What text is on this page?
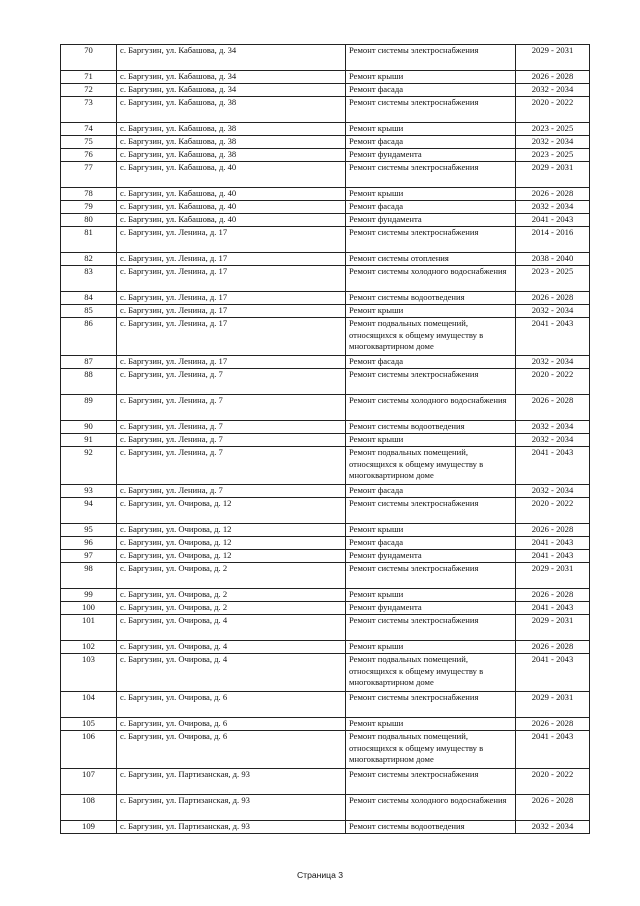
70	с. Баргузин, ул. Кабашова, д. 34	Ремонт системы электроснабжения	2029 - 2031
71	с. Баргузин, ул. Кабашова, д. 34	Ремонт крыши	2026 - 2028
72	с. Баргузин, ул. Кабашова, д. 34	Ремонт фасада	2032 - 2034
73	с. Баргузин, ул. Кабашова, д. 38	Ремонт системы электроснабжения	2020 - 2022
74	с. Баргузин, ул. Кабашова, д. 38	Ремонт крыши	2023 - 2025
75	с. Баргузин, ул. Кабашова, д. 38	Ремонт фасада	2032 - 2034
76	с. Баргузин, ул. Кабашова, д. 38	Ремонт фундамента	2023 - 2025
77	с. Баргузин, ул. Кабашова, д. 40	Ремонт системы электроснабжения	2029 - 2031
78	с. Баргузин, ул. Кабашова, д. 40	Ремонт крыши	2026 - 2028
79	с. Баргузин, ул. Кабашова, д. 40	Ремонт фасада	2032 - 2034
80	с. Баргузин, ул. Кабашова, д. 40	Ремонт фундамента	2041 - 2043
81	с. Баргузин, ул. Ленина, д. 17	Ремонт системы электроснабжения	2014 - 2016
82	с. Баргузин, ул. Ленина, д. 17	Ремонт системы отопления	2038 - 2040
83	с. Баргузин, ул. Ленина, д. 17	Ремонт системы холодного водоснабжения	2023 - 2025
84	с. Баргузин, ул. Ленина, д. 17	Ремонт системы водоотведения	2026 - 2028
85	с. Баргузин, ул. Ленина, д. 17	Ремонт крыши	2032 - 2034
86	с. Баргузин, ул. Ленина, д. 17	Ремонт подвальных помещений, относящихся к общему имуществу в многоквартирном доме	2041 - 2043
87	с. Баргузин, ул. Ленина, д. 17	Ремонт фасада	2032 - 2034
88	с. Баргузин, ул. Ленина, д. 7	Ремонт системы электроснабжения	2020 - 2022
89	с. Баргузин, ул. Ленина, д. 7	Ремонт системы холодного водоснабжения	2026 - 2028
90	с. Баргузин, ул. Ленина, д. 7	Ремонт системы водоотведения	2032 - 2034
91	с. Баргузин, ул. Ленина, д. 7	Ремонт крыши	2032 - 2034
92	с. Баргузин, ул. Ленина, д. 7	Ремонт подвальных помещений, относящихся к общему имуществу в многоквартирном доме	2041 - 2043
93	с. Баргузин, ул. Ленина, д. 7	Ремонт фасада	2032 - 2034
94	с. Баргузин, ул. Очирова, д. 12	Ремонт системы электроснабжения	2020 - 2022
95	с. Баргузин, ул. Очирова, д. 12	Ремонт крыши	2026 - 2028
96	с. Баргузин, ул. Очирова, д. 12	Ремонт фасада	2041 - 2043
97	с. Баргузин, ул. Очирова, д. 12	Ремонт фундамента	2041 - 2043
98	с. Баргузин, ул. Очирова, д. 2	Ремонт системы электроснабжения	2029 - 2031
99	с. Баргузин, ул. Очирова, д. 2	Ремонт крыши	2026 - 2028
100	с. Баргузин, ул. Очирова, д. 2	Ремонт фундамента	2041 - 2043
101	с. Баргузин, ул. Очирова, д. 4	Ремонт системы электроснабжения	2029 - 2031
102	с. Баргузин, ул. Очирова, д. 4	Ремонт крыши	2026 - 2028
103	с. Баргузин, ул. Очирова, д. 4	Ремонт подвальных помещений, относящихся к общему имуществу в многоквартирном доме	2041 - 2043
104	с. Баргузин, ул. Очирова, д. 6	Ремонт системы электроснабжения	2029 - 2031
105	с. Баргузин, ул. Очирова, д. 6	Ремонт крыши	2026 - 2028
106	с. Баргузин, ул. Очирова, д. 6	Ремонт подвальных помещений, относящихся к общему имуществу в многоквартирном доме	2041 - 2043
107	с. Баргузин, ул. Партизанская, д. 93	Ремонт системы электроснабжения	2020 - 2022
108	с. Баргузин, ул. Партизанская, д. 93	Ремонт системы холодного водоснабжения	2026 - 2028
109	с. Баргузин, ул. Партизанская, д. 93	Ремонт системы водоотведения	2032 - 2034
Страница 3
